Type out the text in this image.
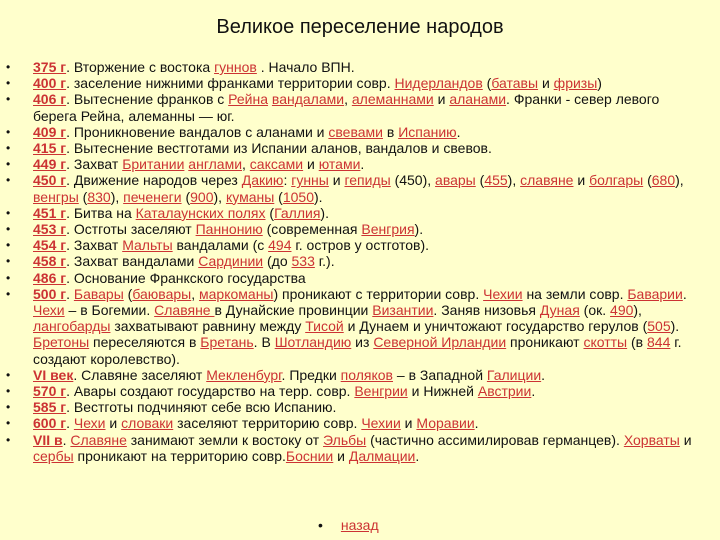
Великое переселение народов
• 375 г. Вторжение с востока гуннов . Начало ВПН.
• 400 г. заселение нижними франками территории совр. Нидерландов (батавы и фризы)
• 406 г. Вытеснение франков с Рейна вандалами, алеманнами и аланами. Франки - север левого берега Рейна, алеманны — юг.
• 409 г. Проникновение вандалов с аланами и свевами в Испанию.
• 415 г. Вытеснение вестготами из Испании аланов, вандалов и свевов.
• 449 г. Захват Британии англами, саксами и ютами.
• 450 г. Движение народов через Дакию: гунны и гепиды (450), авары (455), славяне и болгары (680), венгры (830), печенеги (900), куманы (1050).
• 451 г. Битва на Каталаунских полях (Галлия).
• 453 г. Остготы заселяют Паннонию (современная Венгрия).
• 454 г. Захват Мальты вандалами (с 494 г. остров у остготов).
• 458 г. Захват вандалами Сардинии (до 533 г.).
• 486 г. Основание Франкского государства
• 500 г. Бавары (баювары, маркоманы) проникают с территории совр. Чехии на земли совр. Баварии. Чехи – в Богемии. Славяне в Дунайские провинции Византии. Заняв низовья Дуная (ок. 490), лангобарды захватывают равнину между Тисой и Дунаем и уничтожают государство герулов (505). Бретоны переселяются в Бретань. В Шотландию из Северной Ирландии проникают скотты (в 844 г. создают королевство).
• VI век. Славяне заселяют Мекленбург. Предки поляков – в Западной Галиции.
• 570 г. Авары создают государство на терр. совр. Венгрии и Нижней Австрии.
• 585 г. Вестготы подчиняют себе всю Испанию.
• 600 г. Чехи и словаки заселяют территорию совр. Чехии и Моравии.
• VII в. Славяне занимают земли к востоку от Эльбы (частично ассимилировав германцев). Хорваты и сербы проникают на территорию совр.Боснии и Далмации.
• назад
